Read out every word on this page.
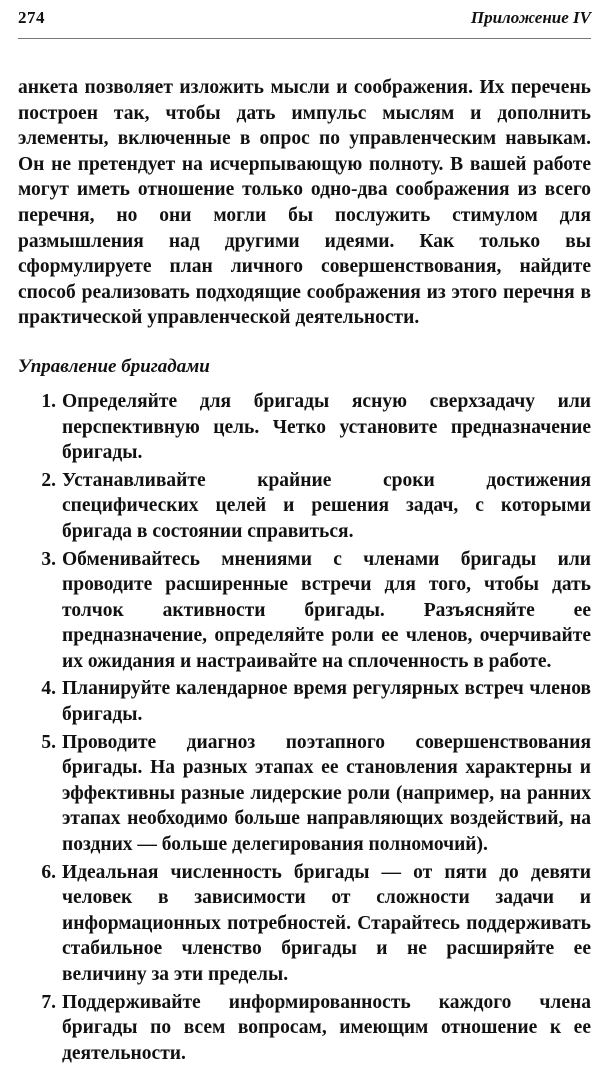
274	Приложение IV

анкета позволяет изложить мысли и соображения. Их перечень построен так, чтобы дать импульс мыслям и дополнить элементы, включенные в опрос по управленческим навыкам. Он не претендует на исчерпывающую полноту. В вашей работе могут иметь отношение только одно-два соображения из всего перечня, но они могли бы послужить стимулом для размышления над другими идеями. Как только вы сформулируете план личного совершенствования, найдите способ реализовать подходящие соображения из этого перечня в практической управленческой деятельности.

Управление бригадами
1. Определяйте для бригады ясную сверхзадачу или перспективную цель. Четко установите предназначение бригады.
2. Устанавливайте крайние сроки достижения специфических целей и решения задач, с которыми бригада в состоянии справиться.
3. Обменивайтесь мнениями с членами бригады или проводите расширенные встречи для того, чтобы дать толчок активности бригады. Разъясняйте ее предназначение, определяйте роли ее членов, очерчивайте их ожидания и настраивайте на сплоченность в работе.
4. Планируйте календарное время регулярных встреч членов бригады.
5. Проводите диагноз поэтапного совершенствования бригады. На разных этапах ее становления характерны и эффективны разные лидерские роли (например, на ранних этапах необходимо больше направляющих воздействий, на поздних — больше делегирования полномочий).
6. Идеальная численность бригады — от пяти до девяти человек в зависимости от сложности задачи и информационных потребностей. Старайтесь поддерживать стабильное членство бригады и не расширяйте ее величину за эти пределы.
7. Поддерживайте информированность каждого члена бригады по всем вопросам, имеющим отношение к ее деятельности.
